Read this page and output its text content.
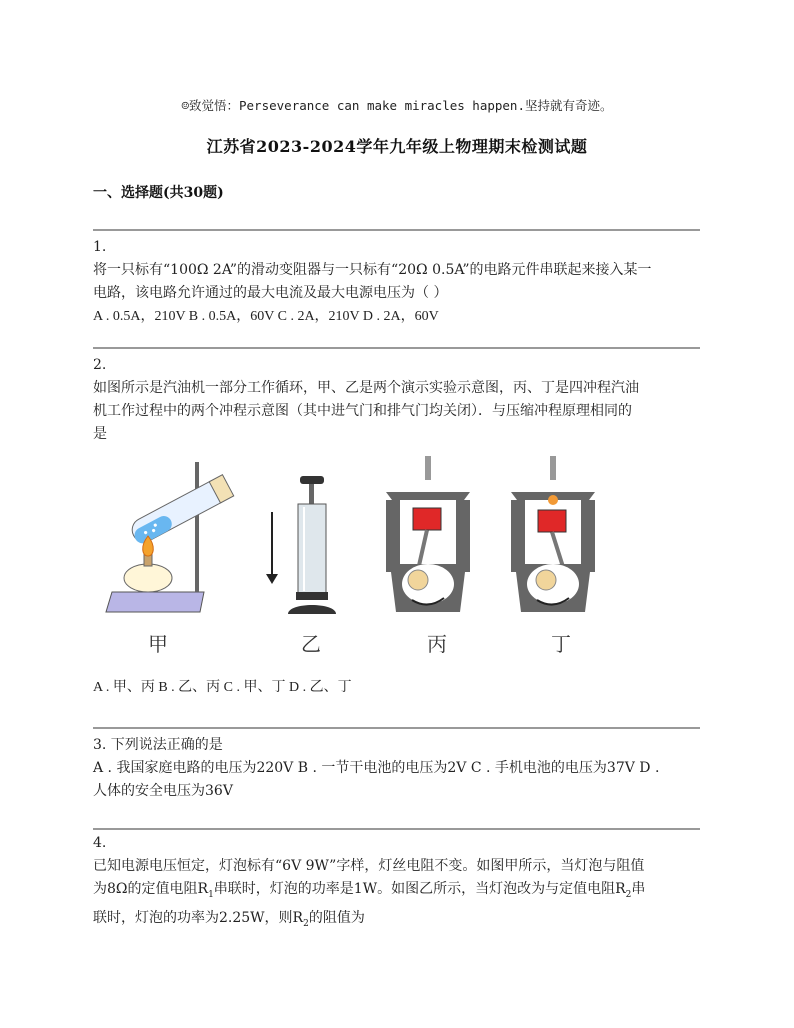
☺致觉悟：Perseverance can make miracles happen.坚持就有奇迹。
江苏省2023-2024学年九年级上物理期末检测试题
一、选择题(共30题)
1.

将一只标有“100Ω 2A”的滑动变阻器与一只标有“20Ω 0.5A”的电路元件串联起来接入某一

电路，该电路允许通过的最大电流及最大电源电压为（ ）

A . 0.5A，210V B . 0.5A，60V C . 2A，210V D . 2A，60V

2.

如图所示是汽油机一部分工作循环，甲、乙是两个演示实验示意图，丙、丁是四冲程汽油

机工作过程中的两个冲程示意图（其中进气门和排气门均关闭）．与压缩冲程原理相同的

是

甲	乙	丙	丁
A . 甲、丙 B . 乙、丙 C . 甲、丁 D . 乙、丁

3. 下列说法正确的是

A . 我国家庭电路的电压为220V B . 一节干电池的电压为2V C . 手机电池的电压为37V D .

人体的安全电压为36V

4.

已知电源电压恒定，灯泡标有“6V 9W”字样，灯丝电阻不变。如图甲所示，当灯泡与阻值

为8Ω的定值电阻$R_1$串联时，灯泡的功率是1W。如图乙所示，当灯泡改为与定值电阻$R_2$串

联时，灯泡的功率为2.25W，则$R_2$的阻值为
